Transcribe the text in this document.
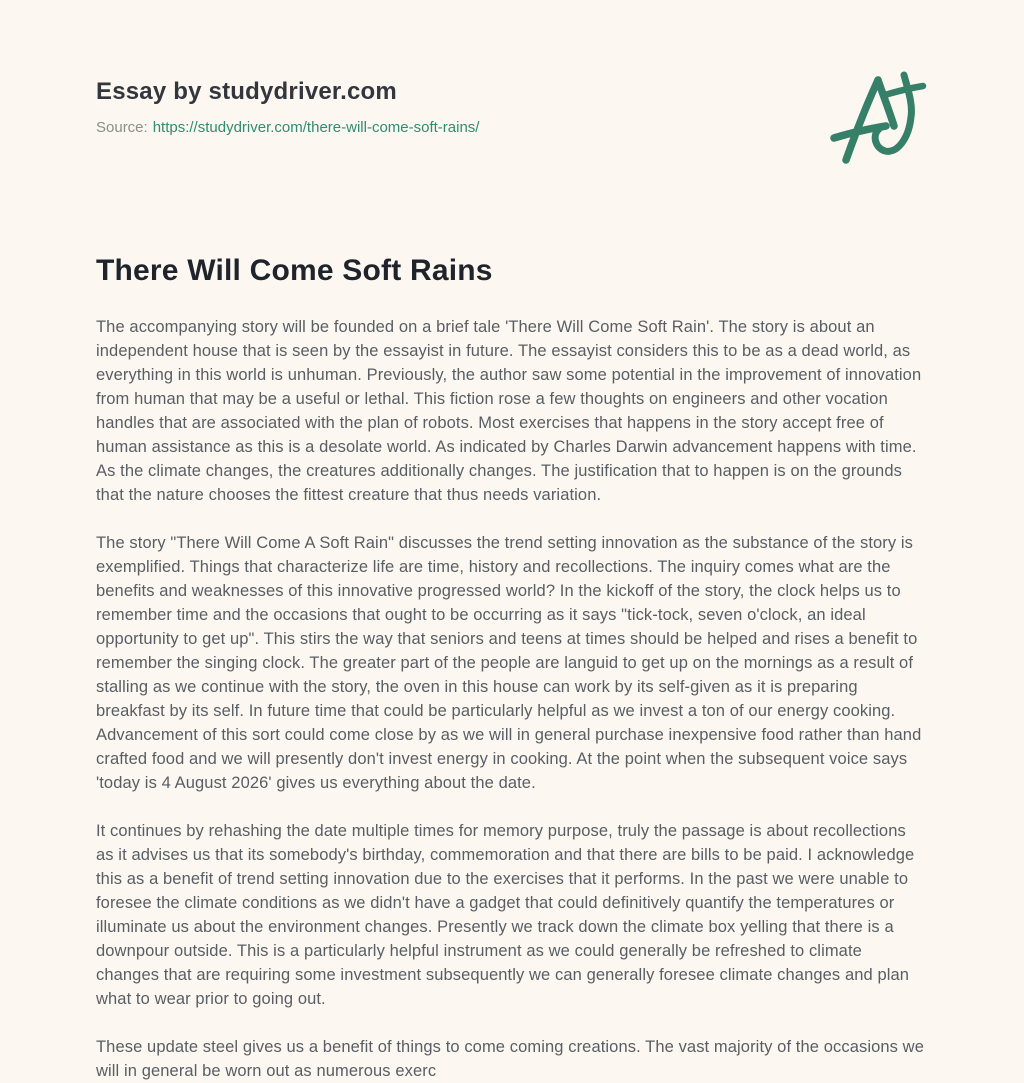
Essay by studydriver.com
Source: https://studydriver.com/there-will-come-soft-rains/
There Will Come Soft Rains

The accompanying story will be founded on a brief tale 'There Will Come Soft Rain'. The story is about an independent house that is seen by the essayist in future. The essayist considers this to be as a dead world, as everything in this world is unhuman. Previously, the author saw some potential in the improvement of innovation from human that may be a useful or lethal. This fiction rose a few thoughts on engineers and other vocation handles that are associated with the plan of robots. Most exercises that happens in the story accept free of human assistance as this is a desolate world. As indicated by Charles Darwin advancement happens with time. As the climate changes, the creatures additionally changes. The justification that to happen is on the grounds that the nature chooses the fittest creature that thus needs variation.

The story "There Will Come A Soft Rain" discusses the trend setting innovation as the substance of the story is exemplified. Things that characterize life are time, history and recollections. The inquiry comes what are the benefits and weaknesses of this innovative progressed world? In the kickoff of the story, the clock helps us to remember time and the occasions that ought to be occurring as it says "tick-tock, seven o'clock, an ideal opportunity to get up". This stirs the way that seniors and teens at times should be helped and rises a benefit to remember the singing clock. The greater part of the people are languid to get up on the mornings as a result of stalling as we continue with the story, the oven in this house can work by its self-given as it is preparing breakfast by its self. In future time that could be particularly helpful as we invest a ton of our energy cooking. Advancement of this sort could come close by as we will in general purchase inexpensive food rather than hand crafted food and we will presently don't invest energy in cooking. At the point when the subsequent voice says 'today is 4 August 2026' gives us everything about the date.

It continues by rehashing the date multiple times for memory purpose, truly the passage is about recollections as it advises us that its somebody's birthday, commemoration and that there are bills to be paid. I acknowledge this as a benefit of trend setting innovation due to the exercises that it performs. In the past we were unable to foresee the climate conditions as we didn't have a gadget that could definitively quantify the temperatures or illuminate us about the environment changes. Presently we track down the climate box yelling that there is a downpour outside. This is a particularly helpful instrument as we could generally be refreshed to climate changes that are requiring some investment subsequently we can generally foresee climate changes and plan what to wear prior to going out.

These update steel gives us a benefit of things to come coming creations. The vast majority of the occasions we will in general be worn out as numerous exerc
